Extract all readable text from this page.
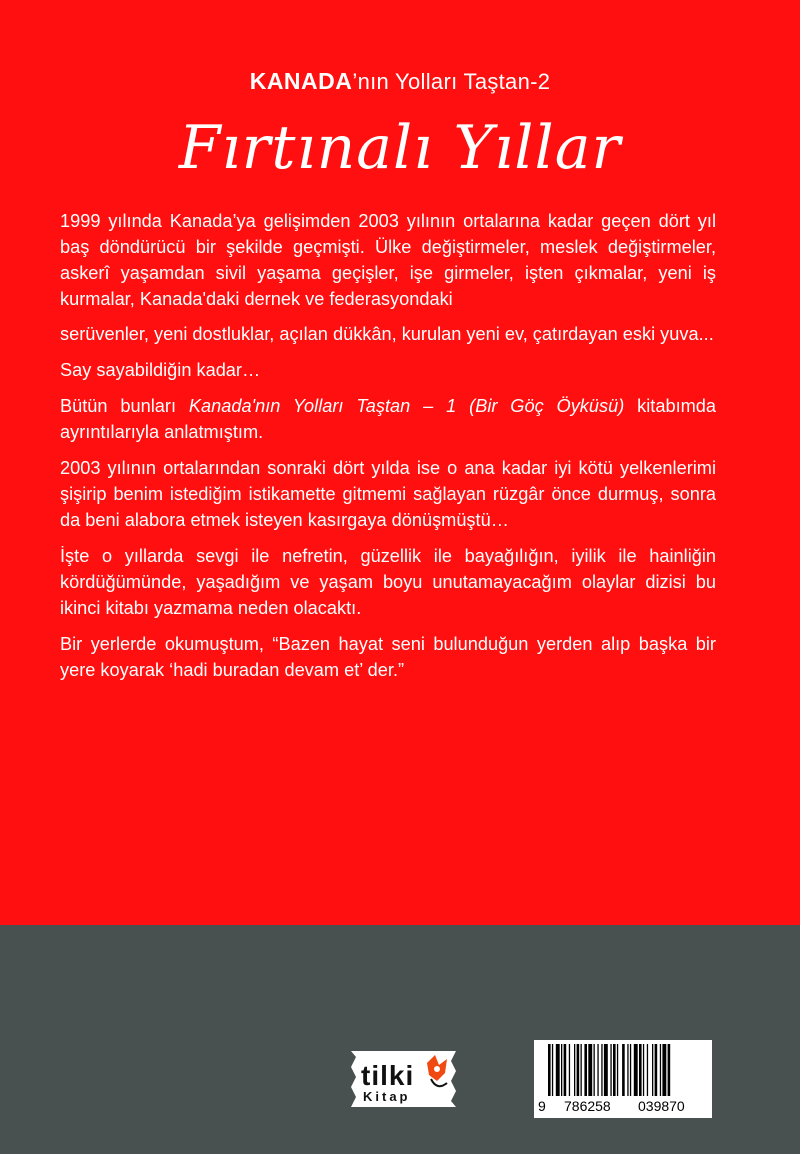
KANADA’nın Yolları Taştan-2
Fırtınalı Yıllar

1999 yılında Kanada’ya gelişimden 2003 yılının ortalarına kadar geçen dört yıl baş döndürücü bir şekilde geçmişti. Ülke değiştirmeler, meslek değiştirmeler, askerî yaşamdan sivil yaşama geçişler, işe girmeler, işten çıkmalar, yeni iş kurmalar, Kanada'daki dernek ve federasyondaki

serüvenler, yeni dostluklar, açılan dükkân, kurulan yeni ev, çatırdayan eski yuva...

Say sayabildiğin kadar…

Bütün bunları Kanada'nın Yolları Taştan – 1 (Bir Göç Öyküsü) kitabımda ayrıntılarıyla anlatmıştım.

2003 yılının ortalarından sonraki dört yılda ise o ana kadar iyi kötü yelkenlerimi şişirip benim istediğim istikamette gitmemi sağlayan rüzgâr önce durmuş, sonra da beni alabora etmek isteyen kasırgaya dönüşmüştü…

İşte o yıllarda sevgi ile nefretin, güzellik ile bayağılığın, iyilik ile hainliğin kördüğümünde, yaşadığım ve yaşam boyu unutamayacağım olaylar dizisi bu ikinci kitabı yazmama neden olacaktı.

Bir yerlerde okumuştum, “Bazen hayat seni bulunduğun yerden alıp başka bir yere koyarak ‘hadi buradan devam et’ der.”

tilki
Kitap
9 786258 039870
